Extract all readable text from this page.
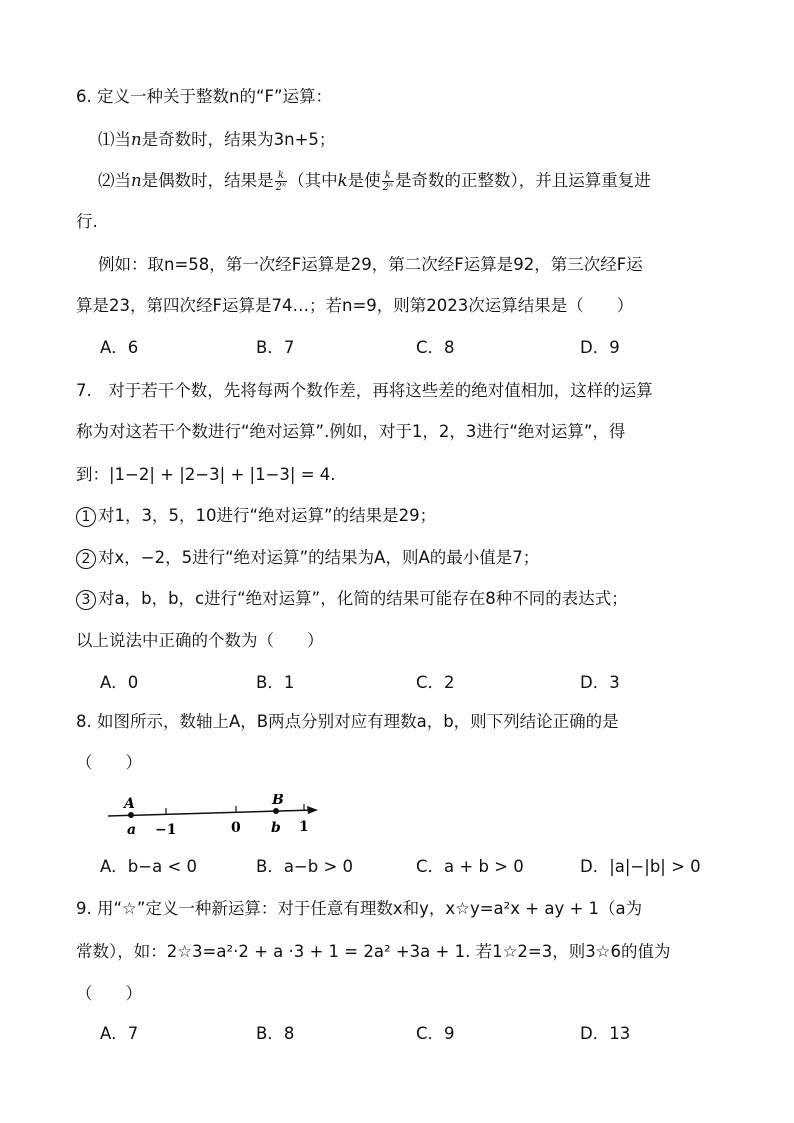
6. 定义一种关于整数n的“F”运算：
⑴当n是奇数时，结果为3n+5；
⑵当n是偶数时，结果是 $\frac{k}{\text{2ⁿ}}$ （其中k是使 $\frac{k}{\text{2ⁿ}}$ 是奇数的正整数），并且运算重复进
行.
例如：取n=58，第一次经F运算是29，第二次经F运算是92，第三次经F运
算是23，第四次经F运算是74…；若n=9，则第2023次运算结果是（　　）
A．6	B．7	C．8	D．9
7.　对于若干个数，先将每两个数作差，再将这些差的绝对值相加，这样的运算
称为对这若干个数进行“绝对运算”.例如，对于1，2，3进行“绝对运算”，得
到：|1−2| + |2−3| + |1−3| = 4.
1 对1，3，5，10进行“绝对运算”的结果是29；
2 对x，−2，5进行“绝对运算”的结果为A，则A的最小值是7；
3 对a，b，b，c进行“绝对运算”，化简的结果可能存在8种不同的表达式；
以上说法中正确的个数为（　　）
A．0	B．1	C．2	D．3
8. 如图所示，数轴上A，B两点分别对应有理数a，b，则下列结论正确的是
（　　）
A	B
a −1	0 b 1
A．b−a < 0	B．a−b > 0	C．a + b > 0	D．|a|−|b| > 0
9. 用“☆”定义一种新运算：对于任意有理数x和y，x☆y=a²x + ay + 1（a为
常数），如：2☆3=a²·2 + a ·3 + 1 = 2a² +3a + 1. 若1☆2=3，则3☆6的值为
（　　）
A．7	B．8	C．9	D．13
